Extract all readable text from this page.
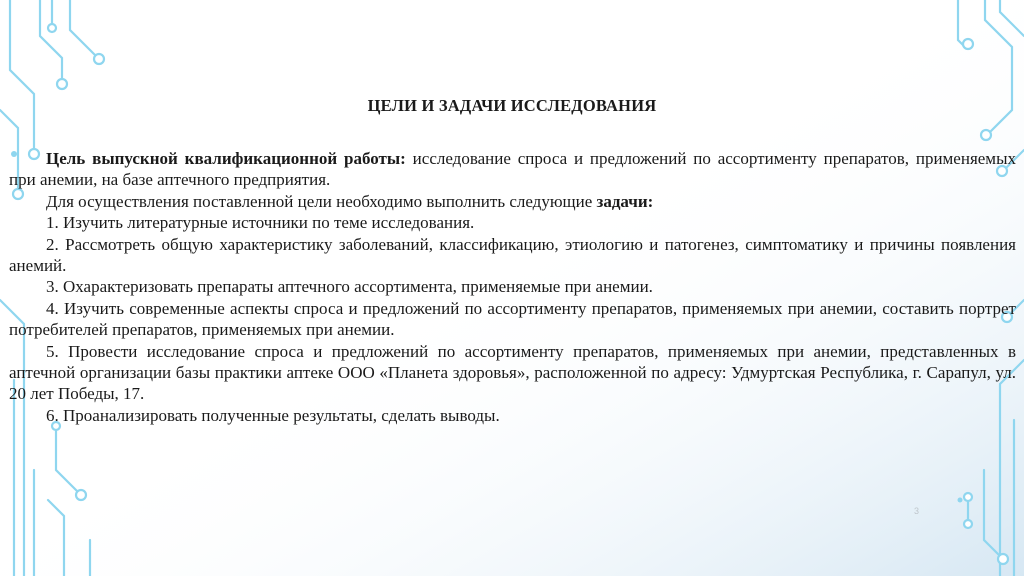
ЦЕЛИ И ЗАДАЧИ ИССЛЕДОВАНИЯ

Цель выпускной квалификационной работы: исследование спроса и предложений по ассортименту препаратов, применяемых при анемии, на базе аптечного предприятия.

Для осуществления поставленной цели необходимо выполнить следующие задачи:

1. Изучить литературные источники по теме исследования.

2. Рассмотреть общую характеристику заболеваний, классификацию, этиологию и патогенез, симптоматику и причины появления анемий.

3. Охарактеризовать препараты аптечного ассортимента, применяемые при анемии.

4. Изучить современные аспекты спроса и предложений по ассортименту препаратов, применяемых при анемии, составить портрет потребителей препаратов, применяемых при анемии.

5. Провести исследование спроса и предложений по ассортименту препаратов, применяемых при анемии, представленных в аптечной организации базы практики аптеке ООО «Планета здоровья», расположенной по адресу: Удмуртская Республика, г. Сарапул, ул. 20 лет Победы, 17.

6. Проанализировать полученные результаты, сделать выводы.

3
